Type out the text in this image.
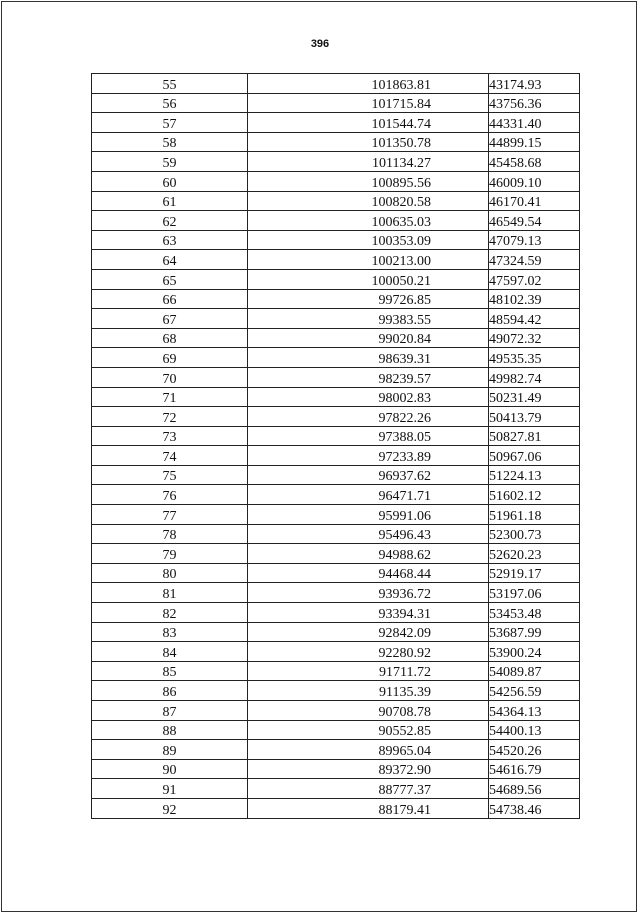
396
55	101863.81	43174.93
56	101715.84	43756.36
57	101544.74	44331.40
58	101350.78	44899.15
59	101134.27	45458.68
60	100895.56	46009.10
61	100820.58	46170.41
62	100635.03	46549.54
63	100353.09	47079.13
64	100213.00	47324.59
65	100050.21	47597.02
66	99726.85	48102.39
67	99383.55	48594.42
68	99020.84	49072.32
69	98639.31	49535.35
70	98239.57	49982.74
71	98002.83	50231.49
72	97822.26	50413.79
73	97388.05	50827.81
74	97233.89	50967.06
75	96937.62	51224.13
76	96471.71	51602.12
77	95991.06	51961.18
78	95496.43	52300.73
79	94988.62	52620.23
80	94468.44	52919.17
81	93936.72	53197.06
82	93394.31	53453.48
83	92842.09	53687.99
84	92280.92	53900.24
85	91711.72	54089.87
86	91135.39	54256.59
87	90708.78	54364.13
88	90552.85	54400.13
89	89965.04	54520.26
90	89372.90	54616.79
91	88777.37	54689.56
92	88179.41	54738.46
